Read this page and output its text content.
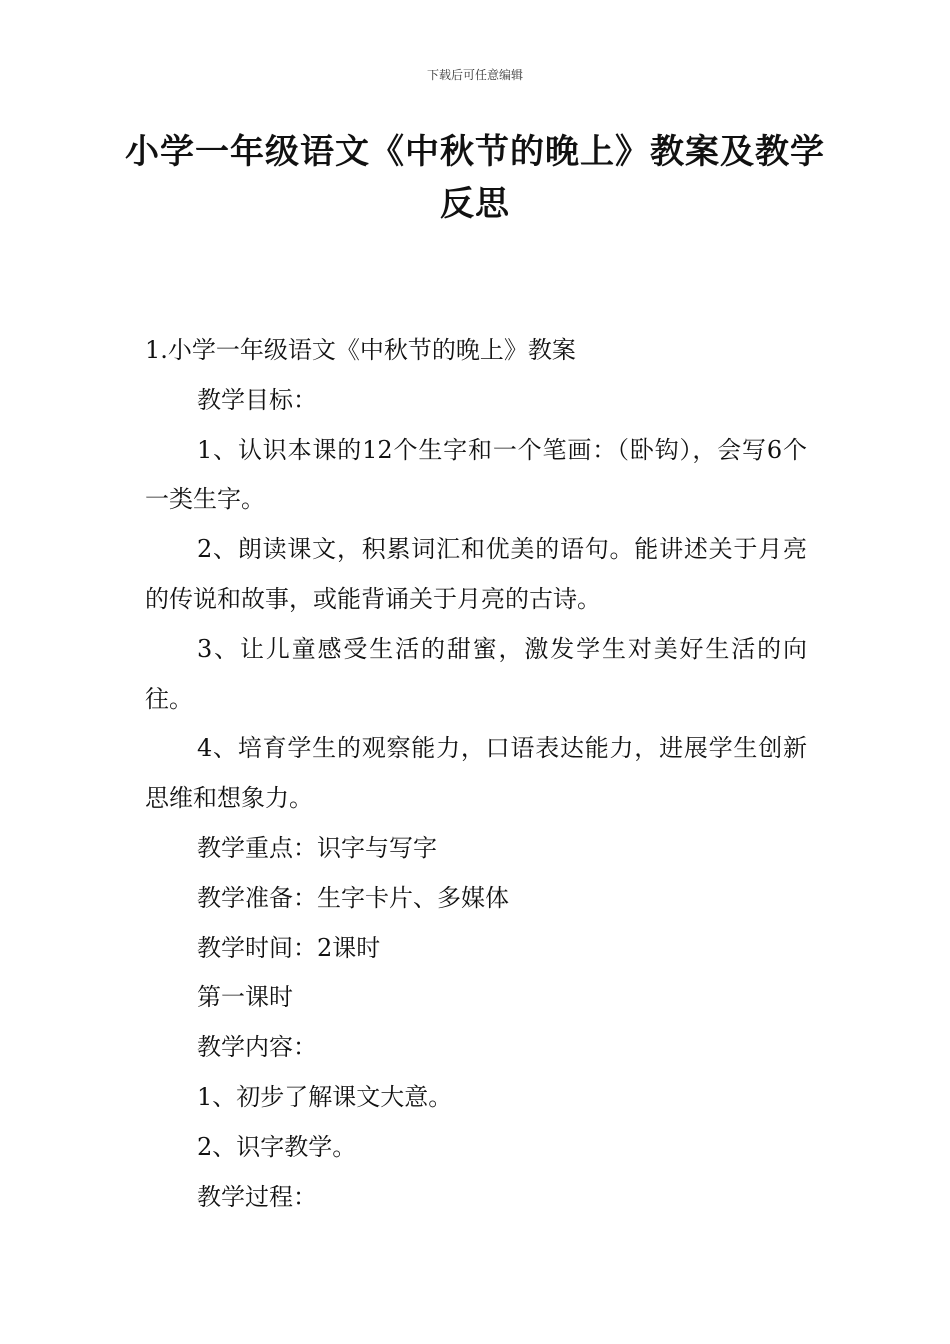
下载后可任意编辑
小学一年级语文《中秋节的晚上》教案及教学反思

1.小学一年级语文《中秋节的晚上》教案

教学目标：

1、认识本课的12个生字和一个笔画：（卧钩），会写6个一类生字。

2、朗读课文，积累词汇和优美的语句。能讲述关于月亮的传说和故事，或能背诵关于月亮的古诗。

3、让儿童感受生活的甜蜜，激发学生对美好生活的向往。

4、培育学生的观察能力，口语表达能力，进展学生创新思维和想象力。

教学重点：识字与写字

教学准备：生字卡片、多媒体

教学时间：2课时

第一课时

教学内容：

1、初步了解课文大意。

2、识字教学。

教学过程：
